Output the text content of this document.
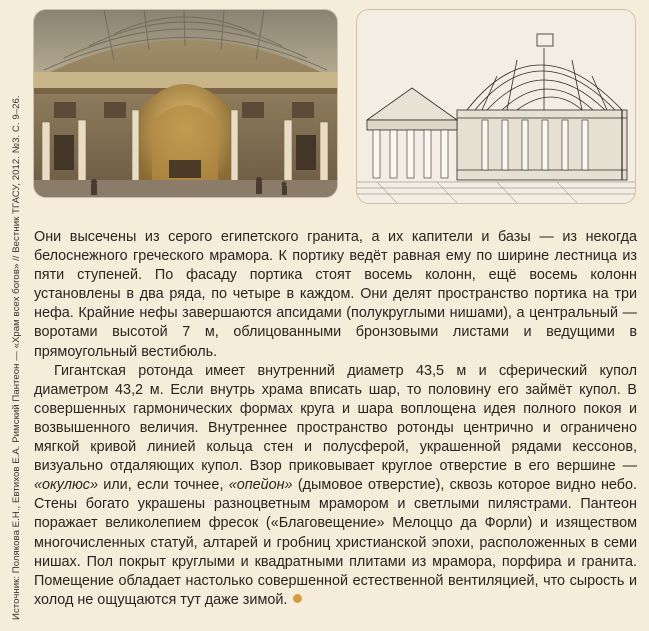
Источник: Полякова Е.Н., Евтихов Е.А. Римский Пантеон — «Храм всех богов» // Вестник ТГАСУ, 2012. №3. С. 9–26. Они высечены из серого египетского гранита, а их капители и базы — из некогда белоснежного греческого мрамора. К портику ведёт равная ему по ширине лестница из пяти ступеней. По фасаду портика стоят восемь колонн, ещё восемь колонн установлены в два ряда, по четыре в каждом. Они делят пространство портика на три нефа. Крайние нефы завершаются апсидами (полукруглыми нишами), а центральный — воротами высотой 7 м, облицованными бронзовыми листами и ведущими в прямоугольный вестибюль.

Гигантская ротонда имеет внутренний диаметр 43,5 м и сферический купол диаметром 43,2 м. Если внутрь храма вписать шар, то половину его займёт купол. В совершенных гармонических формах круга и шара воплощена идея полного покоя и возвышенного величия. Внутреннее пространство ротонды центрично и ограничено мягкой кривой линией кольца стен и полусферой, украшенной рядами кессонов, визуально отдаляющих купол. Взор приковывает круглое отверстие в его вершине — «окулюс» или, если точнее, «опейон» (дымовое отверстие), сквозь которое видно небо. Стены богато украшены разноцветным мрамором и светлыми пилястрами. Пантеон поражает великолепием фресок («Благовещение» Мелоццо да Форли) и изяществом многочисленных статуй, алтарей и гробниц христианской эпохи, расположенных в семи нишах. Пол покрыт круглыми и квадратными плитами из мрамора, порфира и гранита. Помещение обладает настолько совершенной естественной вентиляцией, что сырость и холод не ощущаются тут даже зимой.
